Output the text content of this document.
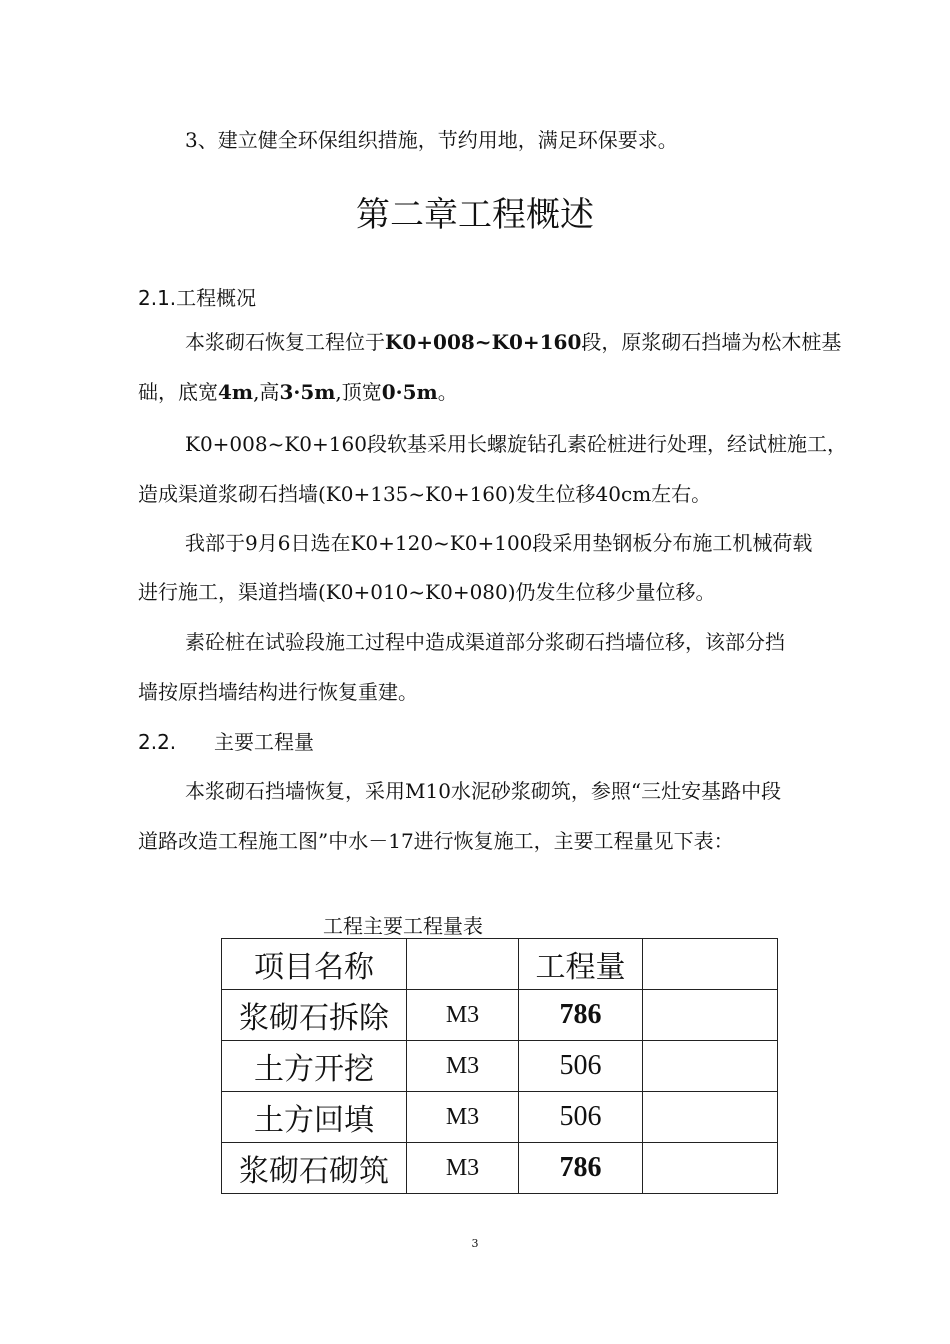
3、建立健全环保组织措施，节约用地，满足环保要求。
第二章工程概述
2.1.工程概况
本浆砌石恢复工程位于K0+008~K0+160段，原浆砌石挡墙为松木桩基
础，底宽4m,高3·5m,顶宽0·5m。
K0+008~K0+160段软基采用长螺旋钻孔素砼桩进行处理，经试桩施工，
造成渠道浆砌石挡墙(K0+135~K0+160)发生位移40cm左右。
我部于9月6日选在K0+120~K0+100段采用垫钢板分布施工机械荷载
进行施工，渠道挡墙(K0+010~K0+080)仍发生位移少量位移。
素砼桩在试验段施工过程中造成渠道部分浆砌石挡墙位移，该部分挡
墙按原挡墙结构进行恢复重建。
2.2. 主要工程量
本浆砌石挡墙恢复，采用M10水泥砂浆砌筑，参照“三灶安基路中段
道路改造工程施工图”中水－17进行恢复施工，主要工程量见下表：
工程主要工程量表
项目名称		工程量	
浆砌石拆除	M3	786	
土方开挖	M3	506	
土方回填	M3	506	
浆砌石砌筑	M3	786	
3
